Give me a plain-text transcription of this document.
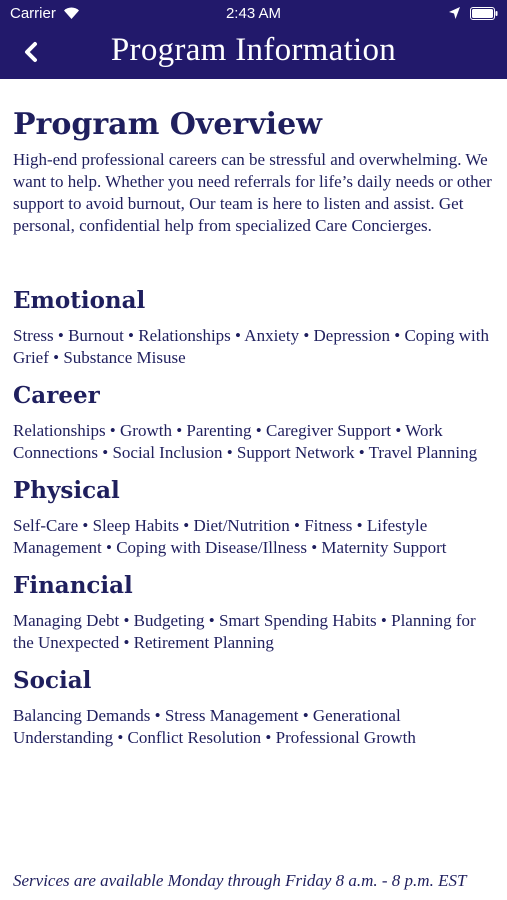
Carrier	2:43 AM
Program Information
Program Overview

High-end professional careers can be stressful and overwhelming. We want to help. Whether you need referrals for life’s daily needs or other support to avoid burnout, Our team is here to listen and assist. Get personal, confidential help from specialized Care Concierges.

Emotional

Stress • Burnout • Relationships • Anxiety • Depression • Coping with Grief • Substance Misuse

Career

Relationships • Growth • Parenting • Caregiver Support • Work Connections • Social Inclusion • Support Network • Travel Planning

Physical

Self-Care • Sleep Habits • Diet/Nutrition • Fitness • Lifestyle Management • Coping with Disease/Illness • Maternity Support

Financial

Managing Debt • Budgeting • Smart Spending Habits • Planning for the Unexpected • Retirement Planning

Social

Balancing Demands • Stress Management • Generational Understanding • Conflict Resolution • Professional Growth

Services are available Monday through Friday 8 a.m. - 8 p.m. EST
